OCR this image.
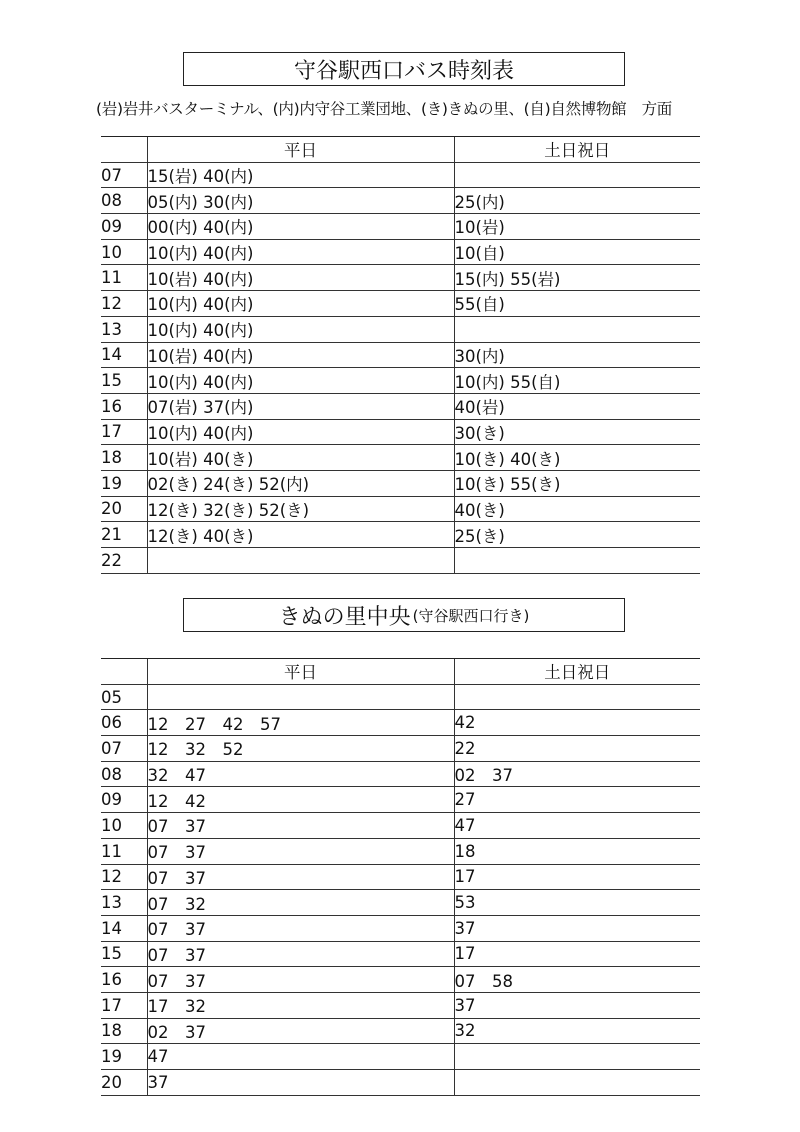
守谷駅西口バス時刻表
(岩)岩井バスターミナル、(内)内守谷工業団地、(き)きぬの里、(自)自然博物館　方面
	平日	土日祝日
07	15(岩) 40(内)	
08	05(内) 30(内)	25(内)
09	00(内) 40(内)	10(岩)
10	10(内) 40(内)	10(自)
11	10(岩) 40(内)	15(内) 55(岩)
12	10(内) 40(内)	55(自)
13	10(内) 40(内)	
14	10(岩) 40(内)	30(内)
15	10(内) 40(内)	10(内) 55(自)
16	07(岩) 37(内)	40(岩)
17	10(内) 40(内)	30(き)
18	10(岩) 40(き)	10(き) 40(き)
19	02(き) 24(き) 52(内)	10(き) 55(き)
20	12(き) 32(き) 52(き)	40(き)
21	12(き) 40(き)	25(き)
22		
きぬの里中央 (守谷駅西口行き)
	平日	土日祝日
05		
06	12　27　42　57	42
07	12　32　52	22
08	32　47	02　37
09	12　42	27
10	07　37	47
11	07　37	18
12	07　37	17
13	07　32	53
14	07　37	37
15	07　37	17
16	07　37	07　58
17	17　32	37
18	02　37	32
19	47	
20	37	
